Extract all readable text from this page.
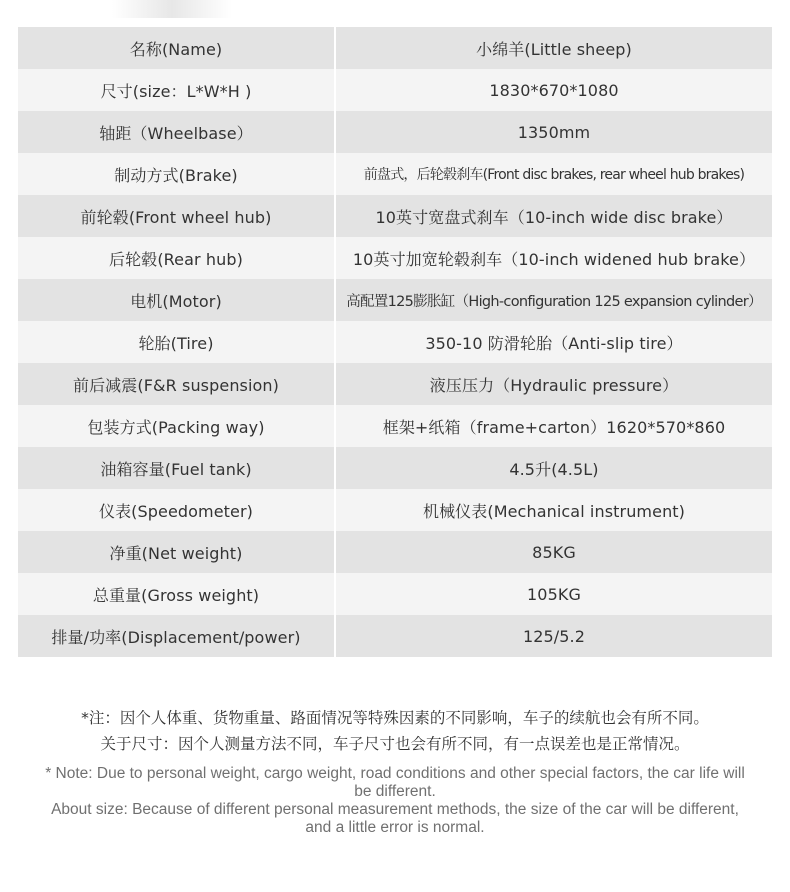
名称(Name)	小绵羊(Little sheep)
尺寸(size：L*W*H )	1830*670*1080
轴距（Wheelbase）	1350mm
制动方式(Brake)	前盘式，后轮毂刹车(Front disc brakes, rear wheel hub brakes)
前轮毂(Front wheel hub)	10英寸宽盘式刹车（10-inch wide disc brake）
后轮毂(Rear hub)	10英寸加宽轮毂刹车（10-inch widened hub brake）
电机(Motor)	高配置125膨胀缸（High-configuration 125 expansion cylinder）
轮胎(Tire)	350-10 防滑轮胎（Anti-slip tire）
前后减震(F&R suspension)	液压压力（Hydraulic pressure）
包装方式(Packing way)	框架+纸箱（frame+carton）1620*570*860
油箱容量(Fuel tank)	4.5升(4.5L)
仪表(Speedometer)	机械仪表(Mechanical instrument)
净重(Net weight)	85KG
总重量(Gross weight)	105KG
排量/功率(Displacement/power)	125/5.2

*注：因个人体重、货物重量、路面情况等特殊因素的不同影响，车子的续航也会有所不同。

关于尺寸：因个人测量方法不同，车子尺寸也会有所不同，有一点误差也是正常情况。

* Note: Due to personal weight, cargo weight, road conditions and other special factors, the car life will be different.

About size: Because of different personal measurement methods, the size of the car will be different, and a little error is normal.
